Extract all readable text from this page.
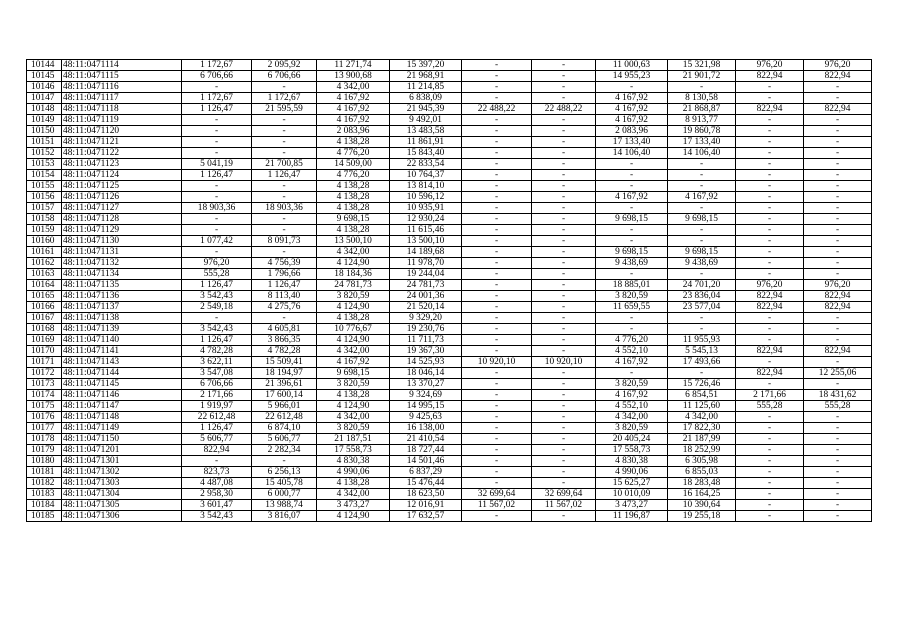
10144	48:11:0471114	1 172,67	2 095,92	11 271,74	15 397,20	-	-	11 000,63	15 321,98	976,20	976,20
10145	48:11:0471115	6 706,66	6 706,66	13 900,68	21 968,91	-	-	14 955,23	21 901,72	822,94	822,94
10146	48:11:0471116	-	-	4 342,00	11 214,85	-	-	-	-	-	-
10147	48:11:0471117	1 172,67	1 172,67	4 167,92	6 838,09	-	-	4 167,92	8 130,58	-	-
10148	48:11:0471118	1 126,47	21 595,59	4 167,92	21 945,39	22 488,22	22 488,22	4 167,92	21 868,87	822,94	822,94
10149	48:11:0471119	-	-	4 167,92	9 492,01	-	-	4 167,92	8 913,77	-	-
10150	48:11:0471120	-	-	2 083,96	13 483,58	-	-	2 083,96	19 860,78	-	-
10151	48:11:0471121	-	-	4 138,28	11 861,91	-	-	17 133,40	17 133,40	-	-
10152	48:11:0471122	-	-	4 776,20	15 843,40	-	-	14 106,40	14 106,40	-	-
10153	48:11:0471123	5 041,19	21 700,85	14 509,00	22 833,54	-	-	-	-	-	-
10154	48:11:0471124	1 126,47	1 126,47	4 776,20	10 764,37	-	-	-	-	-	-
10155	48:11:0471125	-	-	4 138,28	13 814,10	-	-	-	-	-	-
10156	48:11:0471126	-	-	4 138,28	10 596,12	-	-	4 167,92	4 167,92	-	-
10157	48:11:0471127	18 903,36	18 903,36	4 138,28	10 935,91	-	-	-	-	-	-
10158	48:11:0471128	-	-	9 698,15	12 930,24	-	-	9 698,15	9 698,15	-	-
10159	48:11:0471129	-	-	4 138,28	11 615,46	-	-	-	-	-	-
10160	48:11:0471130	1 077,42	8 091,73	13 500,10	13 500,10	-	-	-	-	-	-
10161	48:11:0471131	-	-	4 342,00	14 189,68	-	-	9 698,15	9 698,15	-	-
10162	48:11:0471132	976,20	4 756,39	4 124,90	11 978,70	-	-	9 438,69	9 438,69	-	-
10163	48:11:0471134	555,28	1 796,66	18 184,36	19 244,04	-	-	-	-	-	-
10164	48:11:0471135	1 126,47	1 126,47	24 781,73	24 781,73	-	-	18 885,01	24 701,20	976,20	976,20
10165	48:11:0471136	3 542,43	8 113,40	3 820,59	24 001,36	-	-	3 820,59	23 836,04	822,94	822,94
10166	48:11:0471137	2 549,18	4 275,76	4 124,90	21 520,14	-	-	11 659,55	23 577,04	822,94	822,94
10167	48:11:0471138	-	-	4 138,28	9 329,20	-	-	-	-	-	-
10168	48:11:0471139	3 542,43	4 605,81	10 776,67	19 230,76	-	-	-	-	-	-
10169	48:11:0471140	1 126,47	3 866,35	4 124,90	11 711,73	-	-	4 776,20	11 955,93	-	-
10170	48:11:0471141	4 782,28	4 782,28	4 342,00	19 367,30	-	-	4 552,10	5 545,13	822,94	822,94
10171	48:11:0471143	3 622,11	15 509,41	4 167,92	14 525,93	10 920,10	10 920,10	4 167,92	17 493,66	-	-
10172	48:11:0471144	3 547,08	18 194,97	9 698,15	18 046,14	-	-	-	-	822,94	12 255,06
10173	48:11:0471145	6 706,66	21 396,61	3 820,59	13 370,27	-	-	3 820,59	15 726,46	-	-
10174	48:11:0471146	2 171,66	17 600,14	4 138,28	9 324,69	-	-	4 167,92	6 854,51	2 171,66	18 431,62
10175	48:11:0471147	1 919,97	5 966,01	4 124,90	14 995,15	-	-	4 552,10	11 125,60	555,28	555,28
10176	48:11:0471148	22 612,48	22 612,48	4 342,00	9 425,63	-	-	4 342,00	4 342,00	-	-
10177	48:11:0471149	1 126,47	6 874,10	3 820,59	16 138,00	-	-	3 820,59	17 822,30	-	-
10178	48:11:0471150	5 606,77	5 606,77	21 187,51	21 410,54	-	-	20 405,24	21 187,99	-	-
10179	48:11:0471201	822,94	2 282,34	17 558,73	18 727,44	-	-	17 558,73	18 252,99	-	-
10180	48:11:0471301	-	-	4 830,38	14 501,46	-	-	4 830,38	6 305,98	-	-
10181	48:11:0471302	823,73	6 256,13	4 990,06	6 837,29	-	-	4 990,06	6 855,03	-	-
10182	48:11:0471303	4 487,08	15 405,78	4 138,28	15 476,44	-	-	15 625,27	18 283,48	-	-
10183	48:11:0471304	2 958,30	6 000,77	4 342,00	18 623,50	32 699,64	32 699,64	10 010,09	16 164,25	-	-
10184	48:11:0471305	3 601,47	13 988,74	3 473,27	12 016,91	11 567,02	11 567,02	3 473,27	10 390,64	-	-
10185	48:11:0471306	3 542,43	3 816,07	4 124,90	17 632,57	-	-	11 196,87	19 255,18	-	-
